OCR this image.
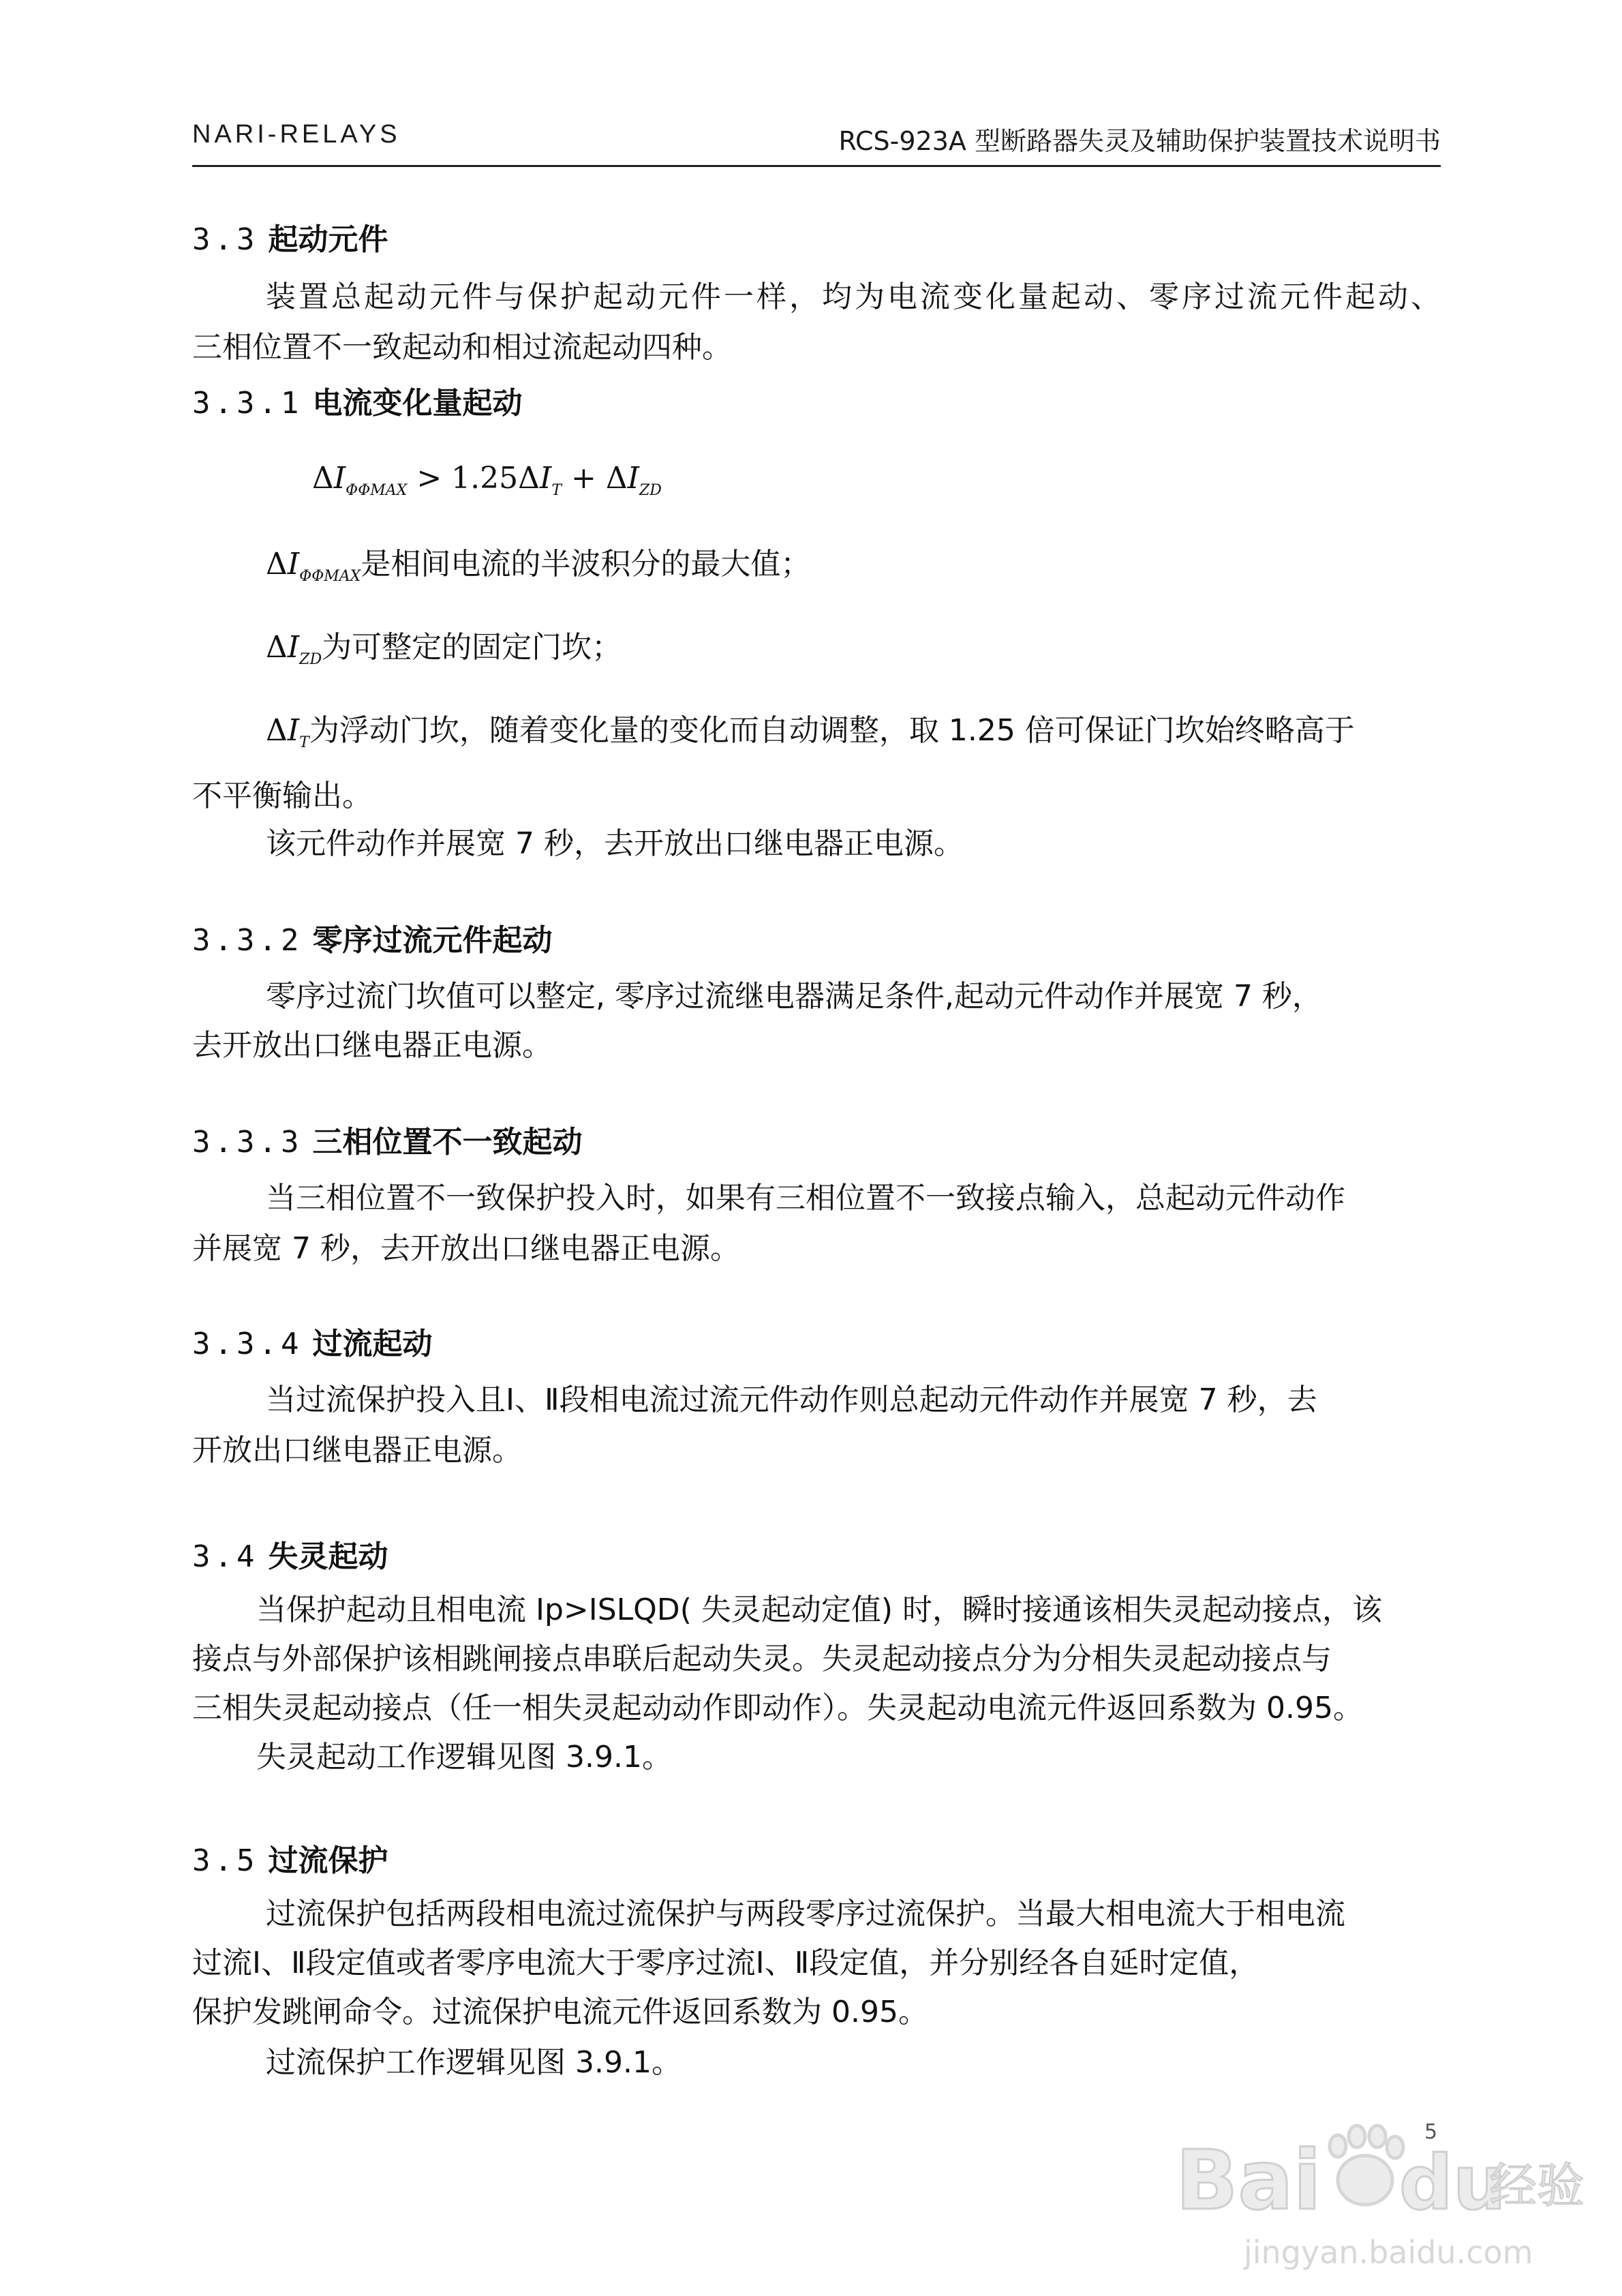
NARI-RELAYS	RCS-923A 型断路器失灵及辅助保护装置技术说明书
3.3 起动元件
装置总起动元件与保护起动元件一样，均为电流变化量起动、零序过流元件起动、
三相位置不一致起动和相过流起动四种。
3.3.1 电流变化量起动
$\Delta I_{\Phi\Phi MAX} > 1.25\Delta I_T + \Delta I_{ZD}$
$\Delta I_{\Phi\Phi MAX}$是相间电流的半波积分的最大值；
$\Delta I_{ZD}$为可整定的固定门坎；
$\Delta I_T$为浮动门坎，随着变化量的变化而自动调整，取 1.25 倍可保证门坎始终略高于
不平衡输出。
该元件动作并展宽 7 秒，去开放出口继电器正电源。
3.3.2 零序过流元件起动
零序过流门坎值可以整定, 零序过流继电器满足条件,起动元件动作并展宽 7 秒，
去开放出口继电器正电源。
3.3.3 三相位置不一致起动
当三相位置不一致保护投入时，如果有三相位置不一致接点输入，总起动元件动作
并展宽 7 秒，去开放出口继电器正电源。
3.3.4 过流起动
当过流保护投入且Ⅰ、Ⅱ段相电流过流元件动作则总起动元件动作并展宽 7 秒，去
开放出口继电器正电源。
3.4 失灵起动
当保护起动且相电流 Ip>ISLQD( 失灵起动定值) 时，瞬时接通该相失灵起动接点，该
接点与外部保护该相跳闸接点串联后起动失灵。失灵起动接点分为分相失灵起动接点与
三相失灵起动接点（任一相失灵起动动作即动作）。失灵起动电流元件返回系数为 0.95。
失灵起动工作逻辑见图 3.9.1。
3.5 过流保护
过流保护包括两段相电流过流保护与两段零序过流保护。当最大相电流大于相电流
过流Ⅰ、Ⅱ段定值或者零序电流大于零序过流Ⅰ、Ⅱ段定值，并分别经各自延时定值，
保护发跳闸命令。过流保护电流元件返回系数为 0.95。
过流保护工作逻辑见图 3.9.1。
Bai du
经验
jingyan.baidu.com
5
